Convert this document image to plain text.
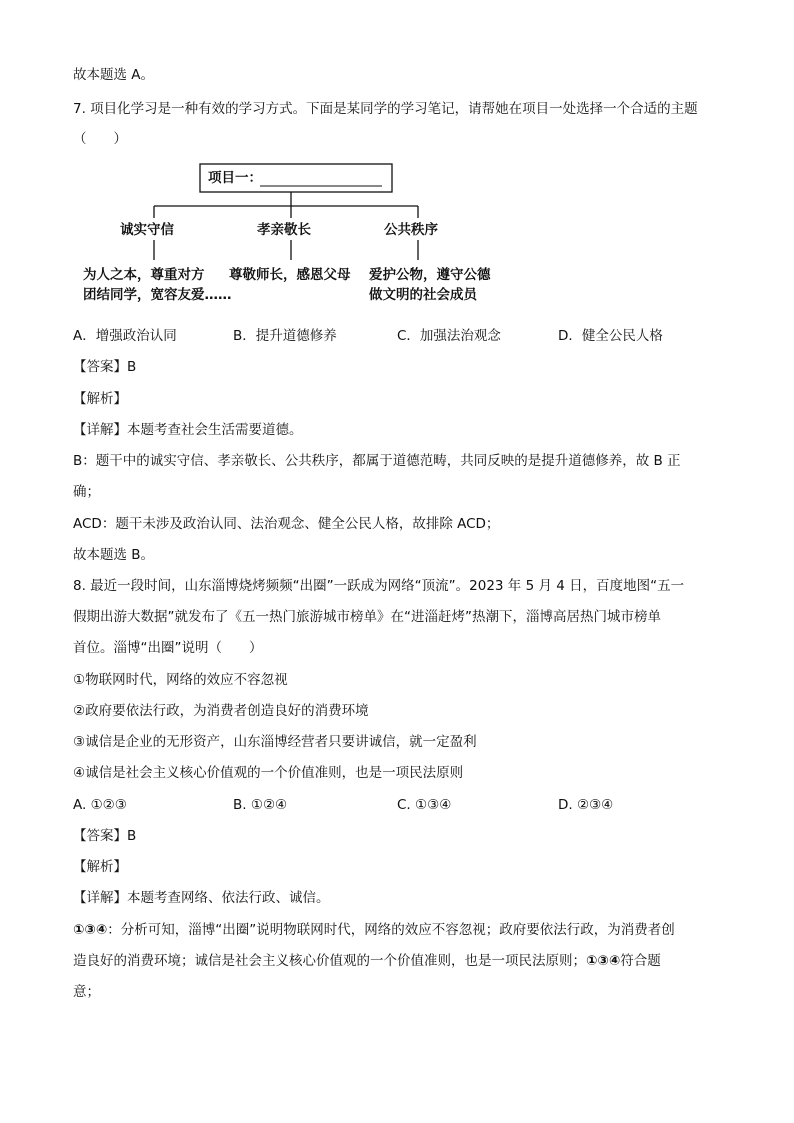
故本题选 A。
7. 项目化学习是一种有效的学习方式。下面是某同学的学习笔记，请帮她在项目一处选择一个合适的主题
（　　）
项目一：
诚实守信	孝亲敬长	公共秩序
为人之本，尊重对方
团结同学，宽容友爱……
尊敬师长，感恩父母 爱护公物，遵守公德
做文明的社会成员
A．增强政治认同	B．提升道德修养	C．加强法治观念	D．健全公民人格
【答案】B
【解析】
【详解】本题考查社会生活需要道德。
B：题干中的诚实守信、孝亲敬长、公共秩序，都属于道德范畴，共同反映的是提升道德修养，故 B 正
确；
ACD：题干未涉及政治认同、法治观念、健全公民人格，故排除 ACD；
故本题选 B。
8. 最近一段时间，山东淄博烧烤频频“出圈”一跃成为网络“顶流”。2023 年 5 月 4 日，百度地图“五一
假期出游大数据”就发布了《五一热门旅游城市榜单》在“进淄赶烤”热潮下，淄博高居热门城市榜单
首位。淄博“出圈”说明（　　）
①物联网时代，网络的效应不容忽视
②政府要依法行政，为消费者创造良好的消费环境
③诚信是企业的无形资产，山东淄博经营者只要讲诚信，就一定盈利
④诚信是社会主义核心价值观的一个价值准则，也是一项民法原则
A. ①②③	B. ①②④	C. ①③④	D. ②③④
【答案】B
【解析】
【详解】本题考查网络、依法行政、诚信。
①③④：分析可知，淄博“出圈”说明物联网时代，网络的效应不容忽视；政府要依法行政，为消费者创
造良好的消费环境；诚信是社会主义核心价值观的一个价值准则，也是一项民法原则；①③④符合题
意；
